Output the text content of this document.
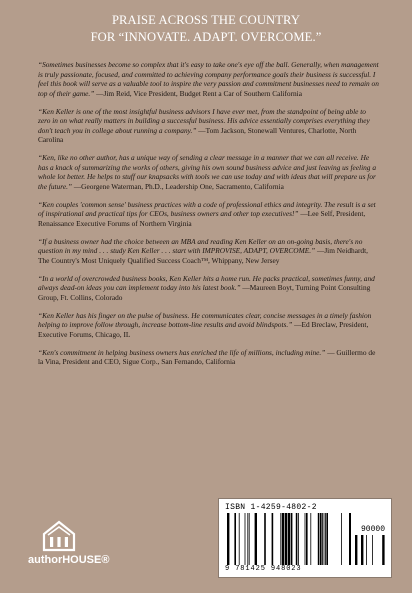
PRAISE ACROSS THE COUNTRY
FOR “INNOVATE. ADAPT. OVERCOME.”

“Sometimes businesses become so complex that it's easy to take one's eye off the ball. Generally, when management is truly passionate, focused, and committed to achieving company performance goals their business is successful. I feel this book will serve as a valuable tool to inspire the very passion and commitment businesses need to remain on top of their game.” —Jim Reid, Vice President, Budget Rent a Car of Southern California

“Ken Keller is one of the most insightful business advisors I have ever met, from the standpoint of being able to zero in on what really matters in building a successful business. His advice essentially comprises everything they don't teach you in college about running a company.” —Tom Jackson, Stonewall Ventures, Charlotte, North Carolina

“Ken, like no other author, has a unique way of sending a clear message in a manner that we can all receive. He has a knack of summarizing the works of others, giving his own sound business advice and just leaving us feeling a whole lot better. He helps to stuff our knapsacks with tools we can use today and with ideas that will prepare us for the future.” —Georgene Waterman, Ph.D., Leadership One, Sacramento, California

“Ken couples 'common sense' business practices with a code of professional ethics and integrity. The result is a set of inspirational and practical tips for CEOs, business owners and other top executives!” —Lee Self, President, Renaissance Executive Forums of Northern Virginia

“If a business owner had the choice between an MBA and reading Ken Keller on an on-going basis, there's no question in my mind . . . study Ken Keller . . . start with IMPROVISE, ADAPT, OVERCOME.” —Jim Neidhardt, The Country's Most Uniquely Qualified Success Coach™, Whippany, New Jersey

“In a world of overcrowded business books, Ken Keller hits a home run. He packs practical, sometimes funny, and always dead-on ideas you can implement today into his latest book.” —Maureen Boyt, Turning Point Consulting Group, Ft. Collins, Colorado

“Ken Keller has his finger on the pulse of business. He communicates clear, concise messages in a timely fashion helping to improve follow through, increase bottom-line results and avoid blindspots.” —Ed Breclaw, President, Executive Forums, Chicago, IL

“Ken's commitment in helping business owners has enriched the life of millions, including mine.” — Guillermo de la Vina, President and CEO, Sigue Corp., San Fernando, California

authorHOUSE®
ISBN 1-4259-4802-2
90000
9 781425 948023
